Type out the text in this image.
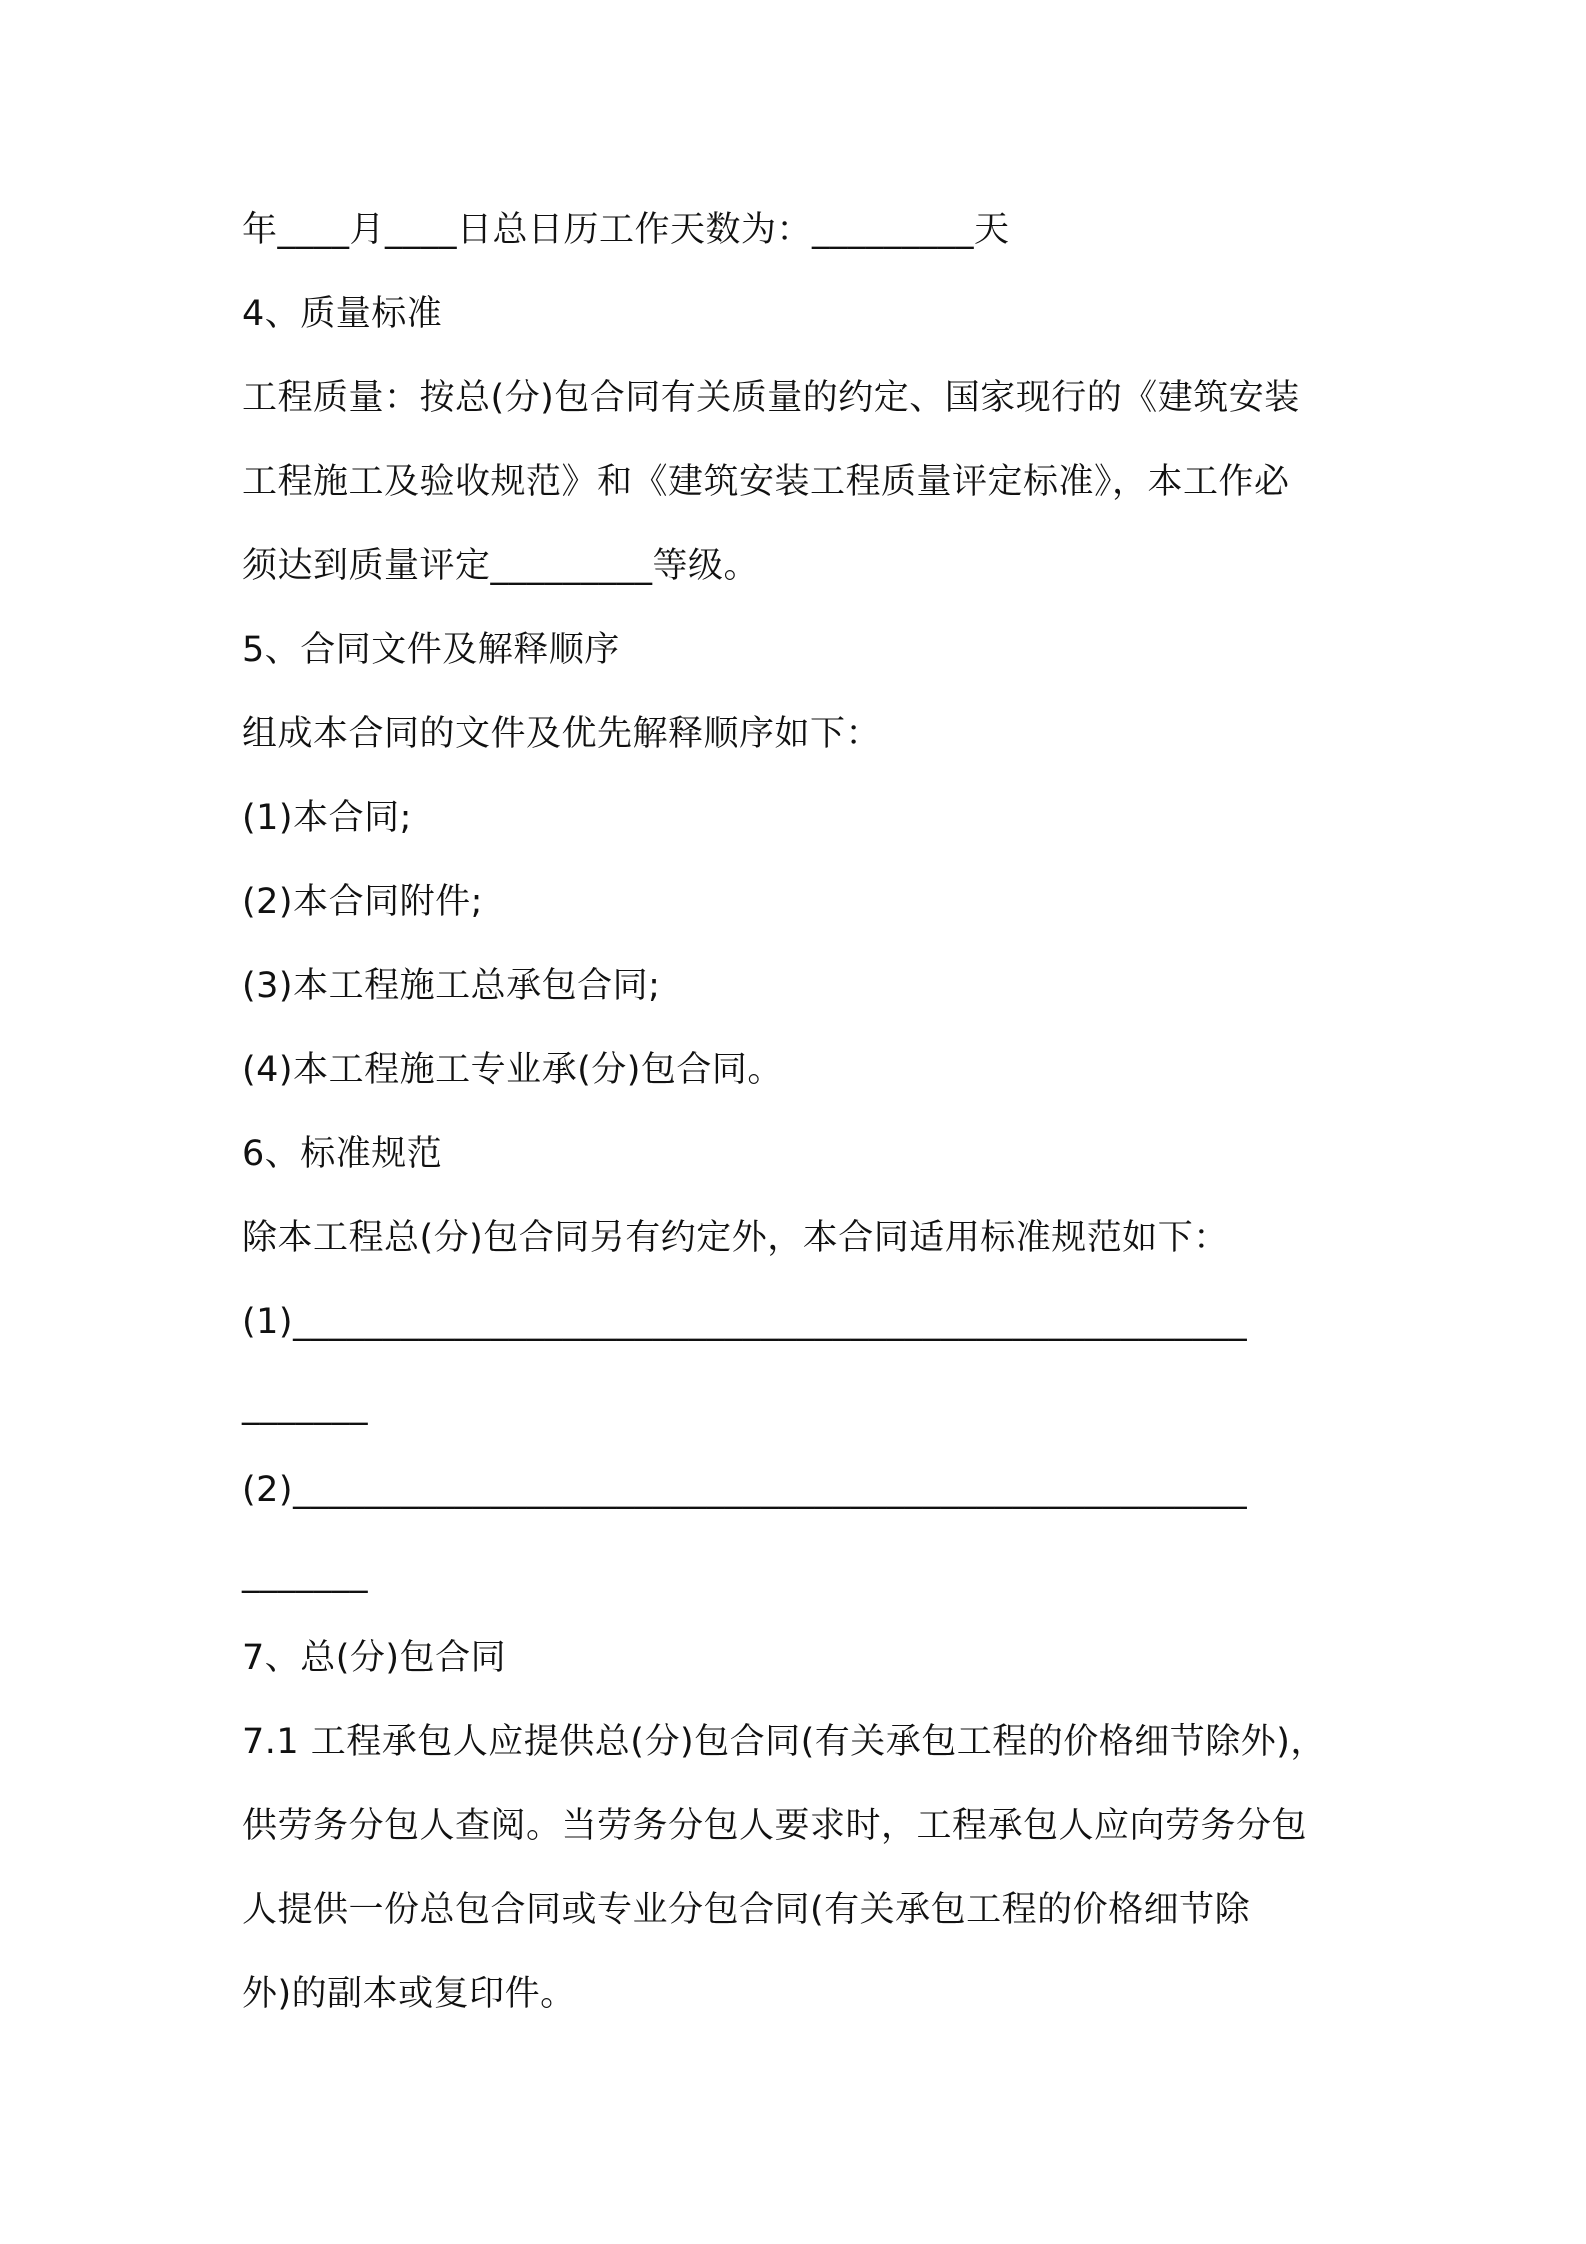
年____月____日总日历工作天数为：_________天
4、质量标准
工程质量：按总(分)包合同有关质量的约定、国家现行的《建筑安装
工程施工及验收规范》和《建筑安装工程质量评定标准》，本工作必
须达到质量评定_________等级。
5、合同文件及解释顺序
组成本合同的文件及优先解释顺序如下：
(1)本合同;
(2)本合同附件;
(3)本工程施工总承包合同;
(4)本工程施工专业承(分)包合同。
6、标准规范
除本工程总(分)包合同另有约定外，本合同适用标准规范如下：
(1)_____________________________________________________
_______
(2)_____________________________________________________
_______
7、总(分)包合同
7.1 工程承包人应提供总(分)包合同(有关承包工程的价格细节除外)，
供劳务分包人查阅。当劳务分包人要求时，工程承包人应向劳务分包
人提供一份总包合同或专业分包合同(有关承包工程的价格细节除
外)的副本或复印件。
